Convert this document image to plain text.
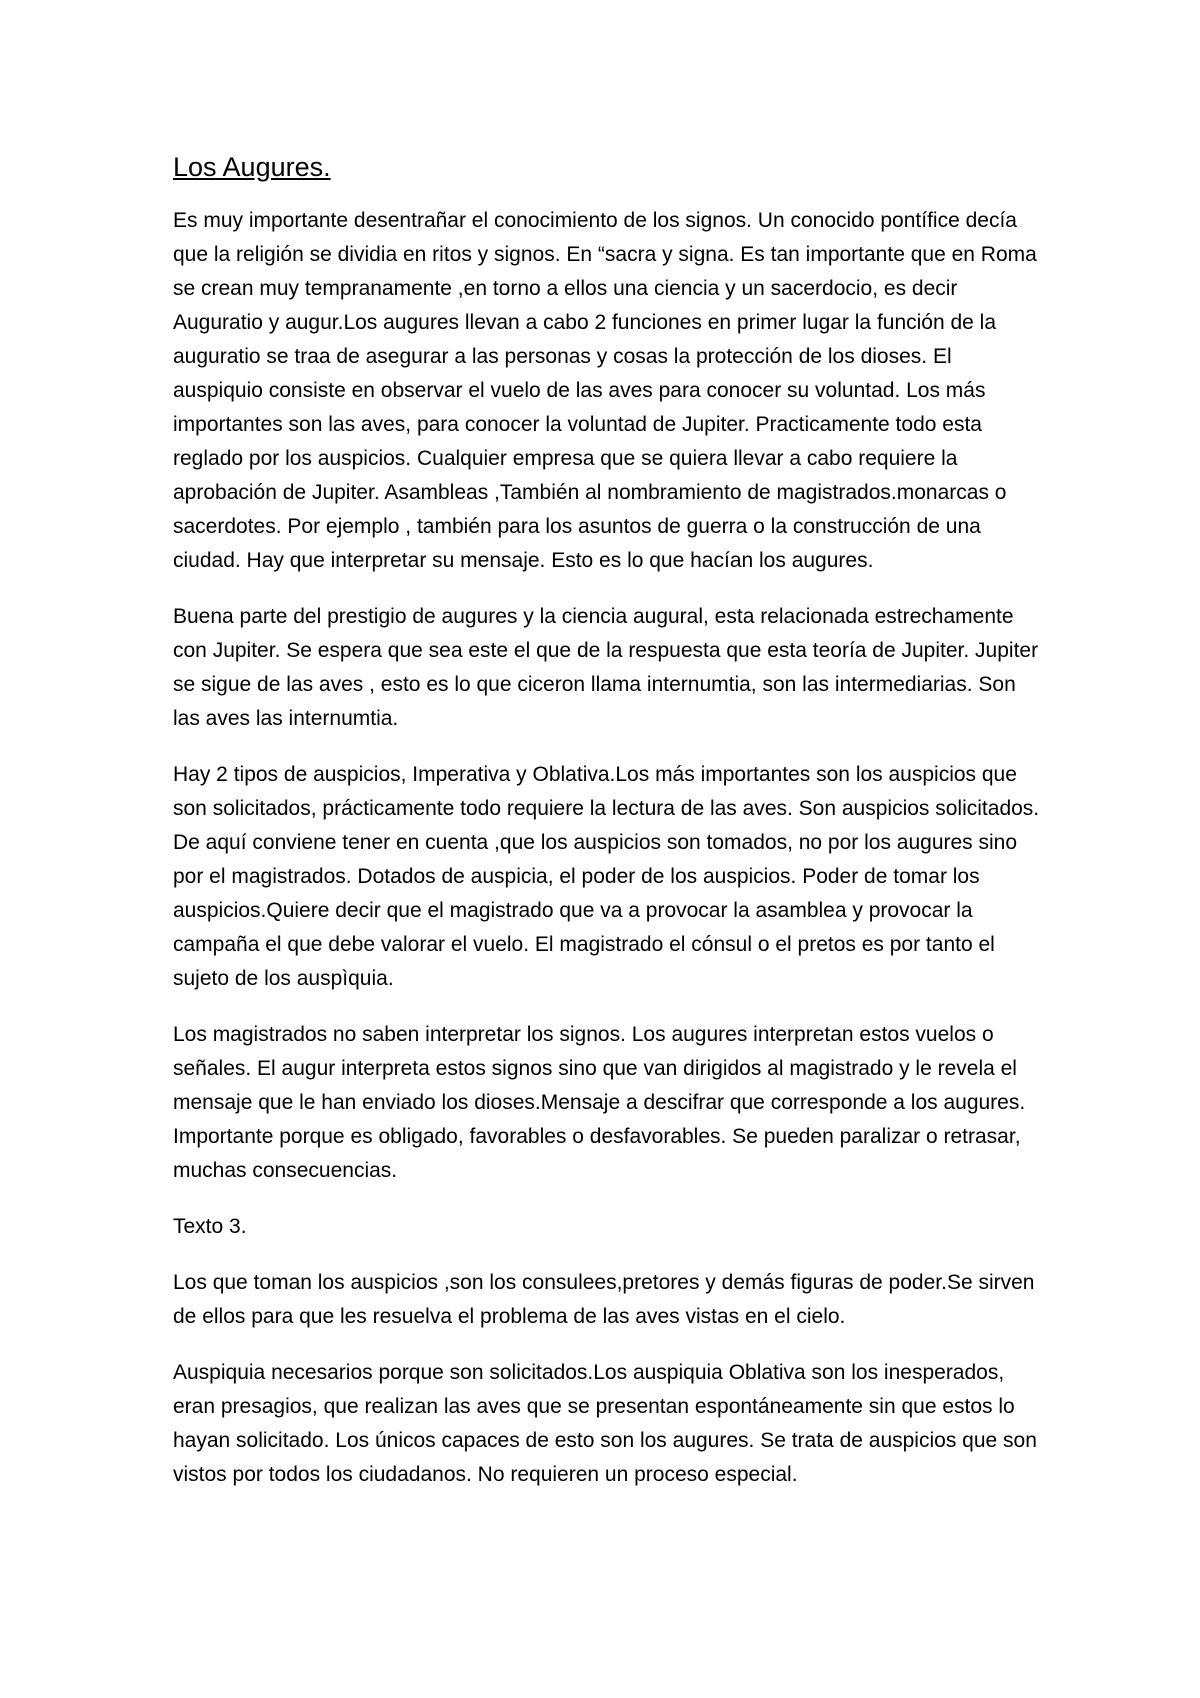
Los Augures.

Es muy importante desentrañar el conocimiento de los signos. Un conocido pontífice decía que la religión se dividia en ritos y signos. En “sacra y signa. Es tan importante que en Roma se crean muy tempranamente ,en torno a ellos una ciencia y un sacerdocio, es decir Auguratio y augur.Los augures llevan a cabo 2 funciones en primer lugar la función de la auguratio se traa de asegurar a las personas y cosas la protección de los dioses. El auspiquio consiste en observar el vuelo de las aves para conocer su voluntad. Los más importantes son las aves, para conocer la voluntad de Jupiter. Practicamente todo esta reglado por los auspicios. Cualquier empresa que se quiera llevar a cabo requiere la aprobación de Jupiter. Asambleas ,También al nombramiento de magistrados.monarcas o sacerdotes. Por ejemplo , también para los asuntos de guerra o la construcción de una ciudad. Hay que interpretar su mensaje. Esto es lo que hacían los augures.

Buena parte del prestigio de augures y la ciencia augural, esta relacionada estrechamente con Jupiter. Se espera que sea este el que de la respuesta que esta teoría de Jupiter. Jupiter se sigue de las aves , esto es lo que ciceron llama internumtia, son las intermediarias. Son las aves las internumtia.

Hay 2 tipos de auspicios, Imperativa y Oblativa.Los más importantes son los auspicios que son solicitados, prácticamente todo requiere la lectura de las aves. Son auspicios solicitados. De aquí conviene tener en cuenta ,que los auspicios son tomados, no por los augures sino por el magistrados. Dotados de auspicia, el poder de los auspicios. Poder de tomar los auspicios.Quiere decir que el magistrado que va a provocar la asamblea y provocar la campaña el que debe valorar el vuelo. El magistrado el cónsul o el pretos es por tanto el sujeto de los auspìquia.

Los magistrados no saben interpretar los signos. Los augures interpretan estos vuelos o señales. El augur interpreta estos signos sino que van dirigidos al magistrado y le revela el mensaje que le han enviado los dioses.Mensaje a descifrar que corresponde a los augures. Importante porque es obligado, favorables o desfavorables. Se pueden paralizar o retrasar, muchas consecuencias.

Texto 3.

Los que toman los auspicios ,son los consulees,pretores y demás figuras de poder.Se sirven de ellos para que les resuelva el problema de las aves vistas en el cielo.

Auspiquia necesarios porque son solicitados.Los auspiquia Oblativa son los inesperados, eran presagios, que realizan las aves que se presentan espontáneamente sin que estos lo hayan solicitado. Los únicos capaces de esto son los augures. Se trata de auspicios que son vistos por todos los ciudadanos. No requieren un proceso especial.
